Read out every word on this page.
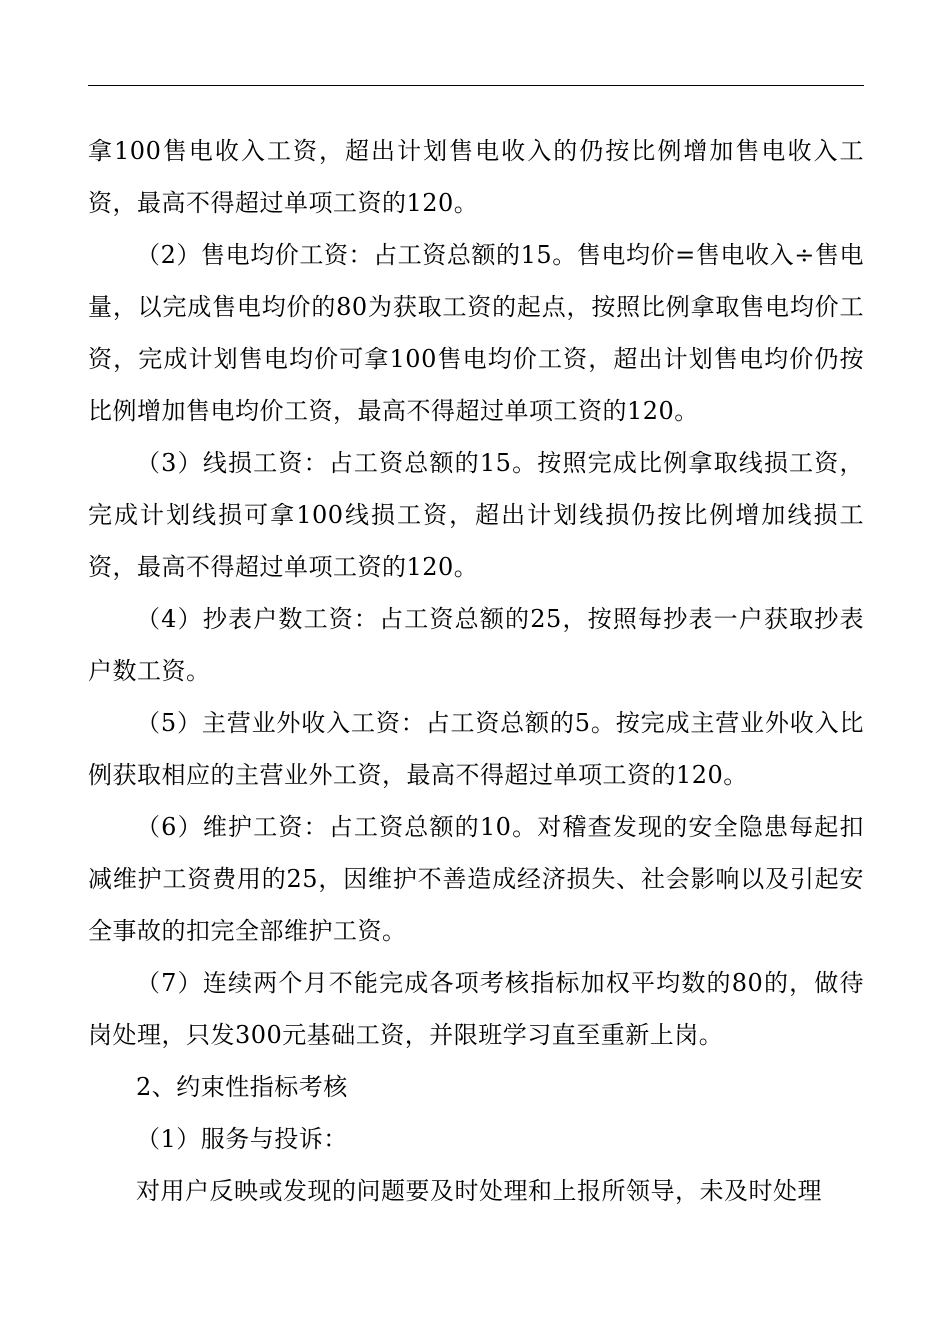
拿100售电收入工资，超出计划售电收入的仍按比例增加售电收入工资，最高不得超过单项工资的120。

（2）售电均价工资：占工资总额的15。售电均价=售电收入÷售电量，以完成售电均价的80为获取工资的起点，按照比例拿取售电均价工资，完成计划售电均价可拿100售电均价工资，超出计划售电均价仍按比例增加售电均价工资，最高不得超过单项工资的120。

（3）线损工资：占工资总额的15。按照完成比例拿取线损工资，完成计划线损可拿100线损工资，超出计划线损仍按比例增加线损工资，最高不得超过单项工资的120。

（4）抄表户数工资：占工资总额的25，按照每抄表一户获取抄表户数工资。

（5）主营业外收入工资：占工资总额的5。按完成主营业外收入比例获取相应的主营业外工资，最高不得超过单项工资的120。

（6）维护工资：占工资总额的10。对稽查发现的安全隐患每起扣减维护工资费用的25，因维护不善造成经济损失、社会影响以及引起安全事故的扣完全部维护工资。

（7）连续两个月不能完成各项考核指标加权平均数的80的，做待岗处理，只发300元基础工资，并限班学习直至重新上岗。

2、约束性指标考核

（1）服务与投诉：

对用户反映或发现的问题要及时处理和上报所领导，未及时处理
